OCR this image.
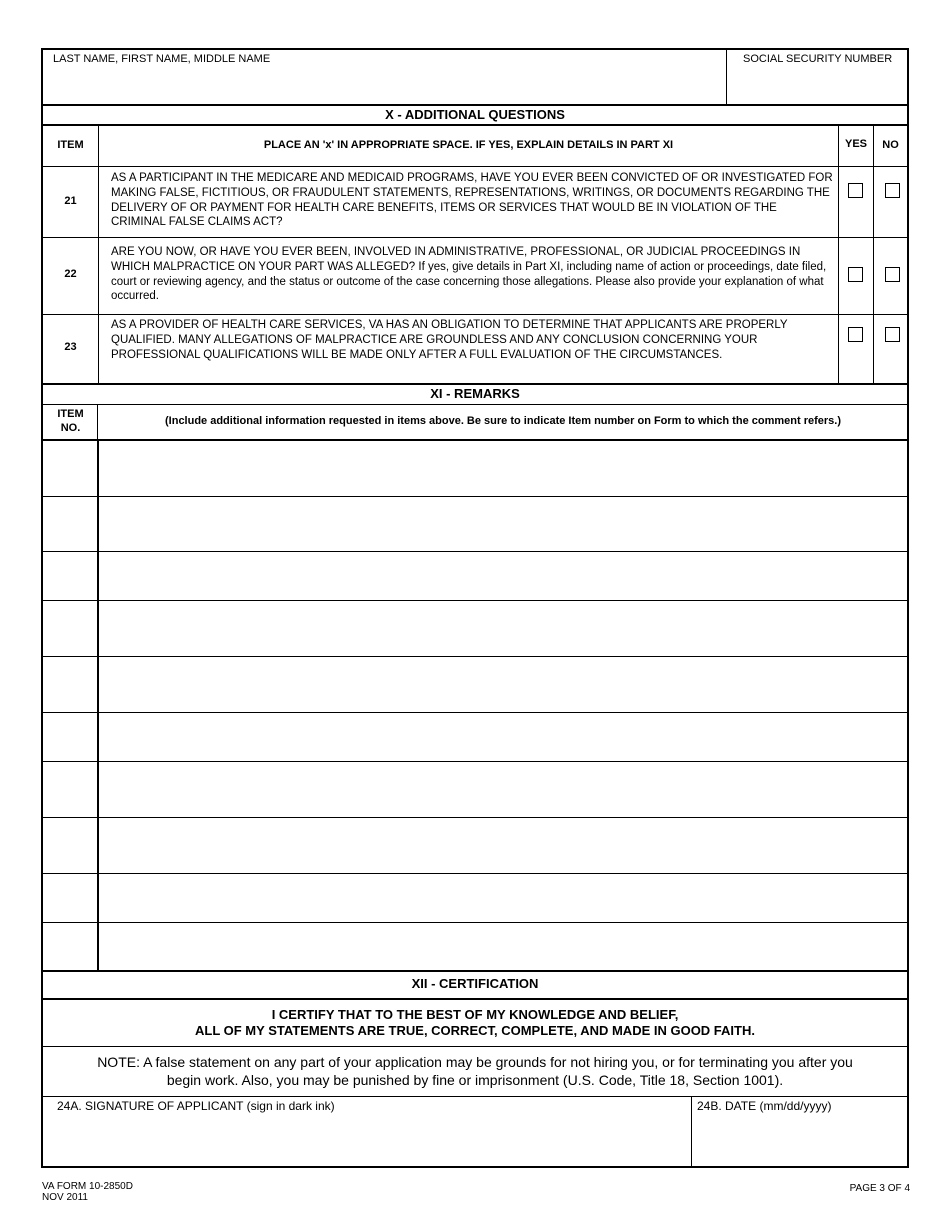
LAST NAME, FIRST NAME, MIDDLE NAME	SOCIAL SECURITY NUMBER
X - ADDITIONAL QUESTIONS
ITEM	PLACE AN 'x' IN APPROPRIATE SPACE. IF YES, EXPLAIN DETAILS IN PART XI	YES	NO
21
AS A PARTICIPANT IN THE MEDICARE AND MEDICAID PROGRAMS, HAVE YOU EVER BEEN CONVICTED OF OR INVESTIGATED FOR MAKING FALSE, FICTITIOUS, OR FRAUDULENT STATEMENTS, REPRESENTATIONS, WRITINGS, OR DOCUMENTS REGARDING THE DELIVERY OF OR PAYMENT FOR HEALTH CARE BENEFITS, ITEMS OR SERVICES THAT WOULD BE IN VIOLATION OF THE CRIMINAL FALSE CLAIMS ACT?
22
ARE YOU NOW, OR HAVE YOU EVER BEEN, INVOLVED IN ADMINISTRATIVE, PROFESSIONAL, OR JUDICIAL PROCEEDINGS IN WHICH MALPRACTICE ON YOUR PART WAS ALLEGED? If yes, give details in Part XI, including name of action or proceedings, date filed, court or reviewing agency, and the status or outcome of the case concerning those allegations. Please also provide your explanation of what occurred.
23
AS A PROVIDER OF HEALTH CARE SERVICES, VA HAS AN OBLIGATION TO DETERMINE THAT APPLICANTS ARE PROPERLY QUALIFIED. MANY ALLEGATIONS OF MALPRACTICE ARE GROUNDLESS AND ANY CONCLUSION CONCERNING YOUR PROFESSIONAL QUALIFICATIONS WILL BE MADE ONLY AFTER A FULL EVALUATION OF THE CIRCUMSTANCES.
XI - REMARKS
ITEM
NO.
(Include additional information requested in items above. Be sure to indicate Item number on Form to which the comment refers.)
XII - CERTIFICATION
I CERTIFY THAT TO THE BEST OF MY KNOWLEDGE AND BELIEF,
ALL OF MY STATEMENTS ARE TRUE, CORRECT, COMPLETE, AND MADE IN GOOD FAITH.
NOTE: A false statement on any part of your application may be grounds for not hiring you, or for terminating you after you begin work. Also, you may be punished by fine or imprisonment (U.S. Code, Title 18, Section 1001).
24A. SIGNATURE OF APPLICANT (sign in dark ink)	24B. DATE (mm/dd/yyyy)
VA FORM 10-2850D
NOV 2011
PAGE 3 OF 4
